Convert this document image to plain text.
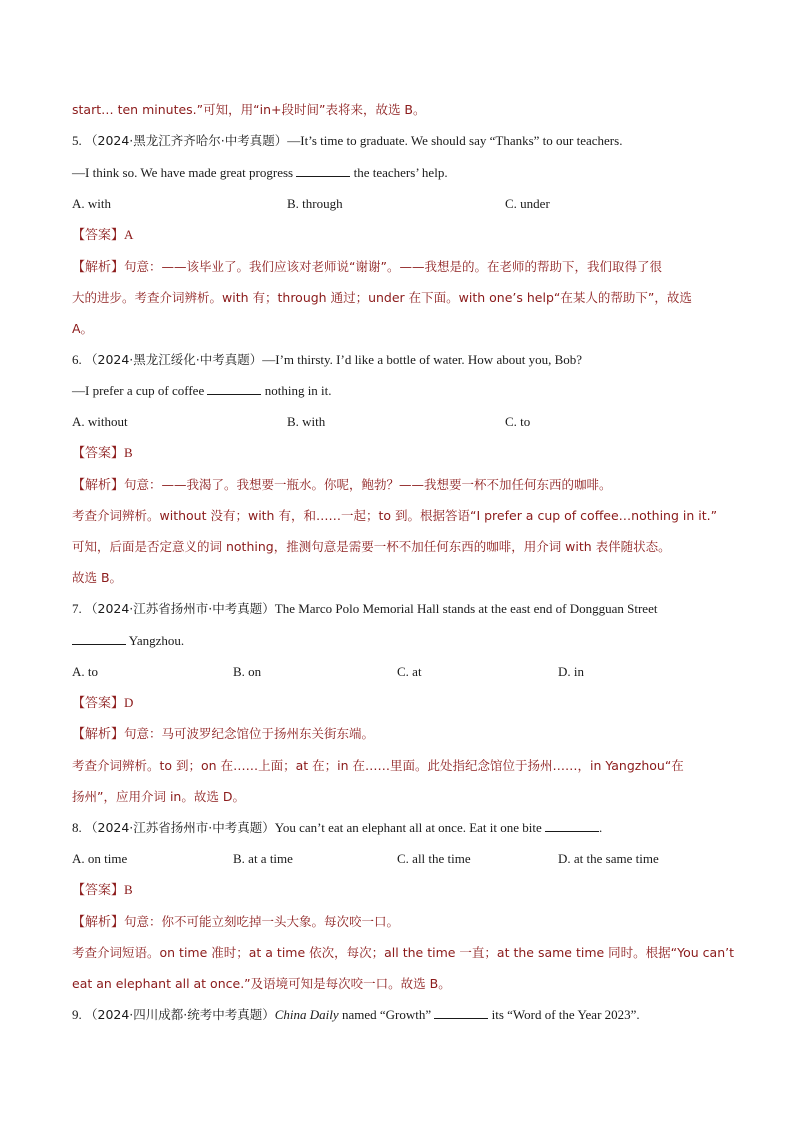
start… ten minutes.”可知，用“in+段时间”表将来，故选 B。
5. （2024·黑龙江齐齐哈尔·中考真题）—It’s time to graduate. We should say “Thanks” to our teachers.
—I think so. We have made great progress	the teachers’ help.
A. with	B. through	C. under
【答案】A
【解析】句意：——该毕业了。我们应该对老师说“谢谢”。——我想是的。在老师的帮助下，我们取得了很
大的进步。考查介词辨析。with 有；through 通过；under 在下面。with one’s help“在某人的帮助下”，故选
A。
6. （2024·黑龙江绥化·中考真题）—I’m thirsty. I’d like a bottle of water. How about you, Bob?
—I prefer a cup of coffee	nothing in it.
A. without	B. with	C. to
【答案】B
【解析】句意：——我渴了。我想要一瓶水。你呢，鲍勃？——我想要一杯不加任何东西的咖啡。
考查介词辨析。without 没有；with 有，和……一起；to 到。根据答语“I prefer a cup of coffee…nothing in it.”
可知，后面是否定意义的词 nothing，推测句意是需要一杯不加任何东西的咖啡，用介词 with 表伴随状态。
故选 B。
7. （2024·江苏省扬州市·中考真题）The Marco Polo Memorial Hall stands at the east end of Dongguan Street
Yangzhou.
A. to	B. on	C. at	D. in
【答案】D
【解析】句意：马可波罗纪念馆位于扬州东关街东端。
考查介词辨析。to 到；on 在……上面；at 在；in 在……里面。此处指纪念馆位于扬州……，in Yangzhou“在
扬州”，应用介词 in。故选 D。
8. （2024·江苏省扬州市·中考真题）You can’t eat an elephant all at once. Eat it one bite	.
A. on time	B. at a time	C. all the time	D. at the same time
【答案】B
【解析】句意：你不可能立刻吃掉一头大象。每次咬一口。
考查介词短语。on time 准时；at a time 依次，每次；all the time 一直；at the same time 同时。根据“You can’t
eat an elephant all at once.”及语境可知是每次咬一口。故选 B。
9. （2024·四川成都·统考中考真题）China Daily named “Growth”	its “Word of the Year 2023”.
